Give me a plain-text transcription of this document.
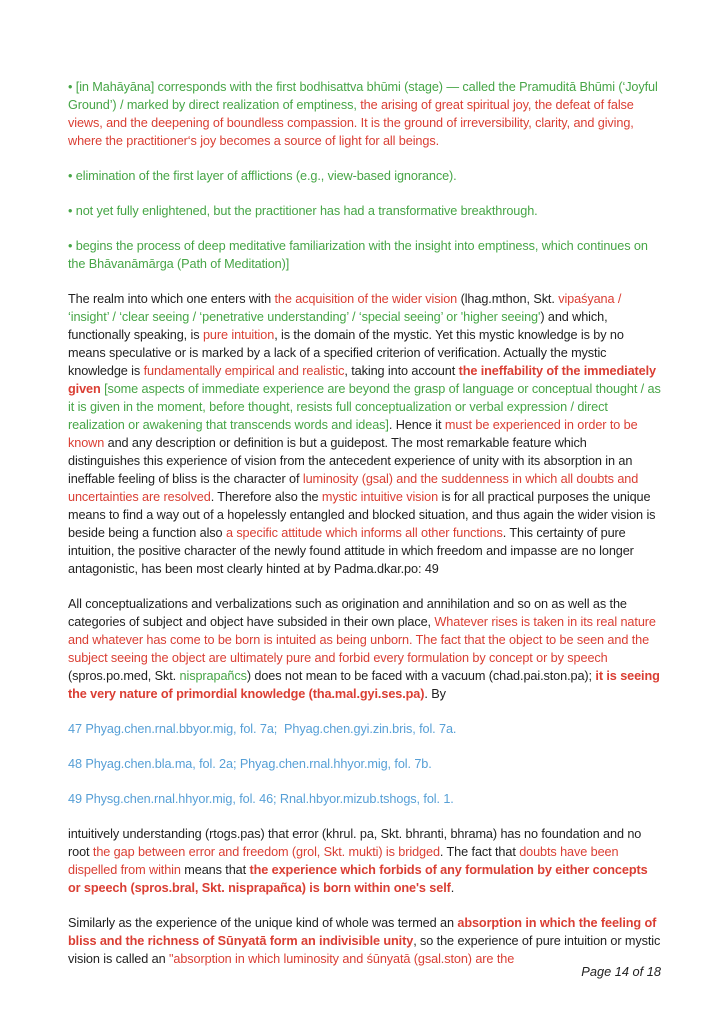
• [in Mahāyāna] corresponds with the first bodhisattva bhūmi (stage) — called the Pramuditā Bhūmi (‘Joyful Ground’) / marked by direct realization of emptiness, the arising of great spiritual joy, the defeat of false views, and the deepening of boundless compassion. It is the ground of irreversibility, clarity, and giving, where the practitioner‘s joy becomes a source of light for all beings.

• elimination of the first layer of afflictions (e.g., view-based ignorance).

• not yet fully enlightened, but the practitioner has had a transformative breakthrough.

• begins the process of deep meditative familiarization with the insight into emptiness, which continues on the Bhāvanāmārga (Path of Meditation)]

The realm into which one enters with the acquisition of the wider vision (lhag.mthon, Skt. vipaśyana / ‘insight’ / ‘clear seeing / ‘penetrative understanding’ / ‘special seeing’ or 'higher seeing') and which, functionally speaking, is pure intuition, is the domain of the mystic. Yet this mystic knowledge is by no means speculative or is marked by a lack of a specified criterion of verification. Actually the mystic knowledge is fundamentally empirical and realistic, taking into account the ineffability of the immediately given [some aspects of immediate experience are beyond the grasp of language or conceptual thought / as it is given in the moment, before thought, resists full conceptualization or verbal expression / direct realization or awakening that transcends words and ideas]. Hence it must be experienced in order to be known and any description or definition is but a guidepost. The most remarkable feature which distinguishes this experience of vision from the antecedent experience of unity with its absorption in an ineffable feeling of bliss is the character of luminosity (gsal) and the suddenness in which all doubts and uncertainties are resolved. Therefore also the mystic intuitive vision is for all practical purposes the unique means to find a way out of a hopelessly entangled and blocked situation, and thus again the wider vision is beside being a function also a specific attitude which informs all other functions. This certainty of pure intuition, the positive character of the newly found attitude in which freedom and impasse are no longer antagonistic, has been most clearly hinted at by Padma.dkar.po: 49

All conceptualizations and verbalizations such as origination and annihilation and so on as well as the categories of subject and object have subsided in their own place, Whatever rises is taken in its real nature and whatever has come to be born is intuited as being unborn. The fact that the object to be seen and the subject seeing the object are ultimately pure and forbid every formulation by concept or by speech (spros.po.med, Skt. nisprapañcs) does not mean to be faced with a vacuum (chad.pai.ston.pa); it is seeing the very nature of primordial knowledge (tha.mal.gyi.ses.pa). By

47 Phyag.chen.rnal.bbyor.mig, fol. 7a;  Phyag.chen.gyi.zin.bris, fol. 7a.

48 Phyag.chen.bla.ma, fol. 2a; Phyag.chen.rnal.hhyor.mig, fol. 7b.

49 Physg.chen.rnal.hhyor.mig, fol. 46; Rnal.hbyor.mizub.tshogs, fol. 1.

intuitively understanding (rtogs.pas) that error (khrul. pa, Skt. bhranti, bhrama) has no foundation and no root the gap between error and freedom (grol, Skt. mukti) is bridged. The fact that doubts have been dispelled from within means that the experience which forbids of any formulation by either concepts or speech (spros.bral, Skt. nisprapañca) is born within one's self.

Similarly as the experience of the unique kind of whole was termed an absorption in which the feeling of bliss and the richness of Sūnyatā form an indivisible unity, so the experience of pure intuition or mystic vision is called an "absorption in which luminosity and śūnyatā (gsal.ston) are the

Page 14 of 18
